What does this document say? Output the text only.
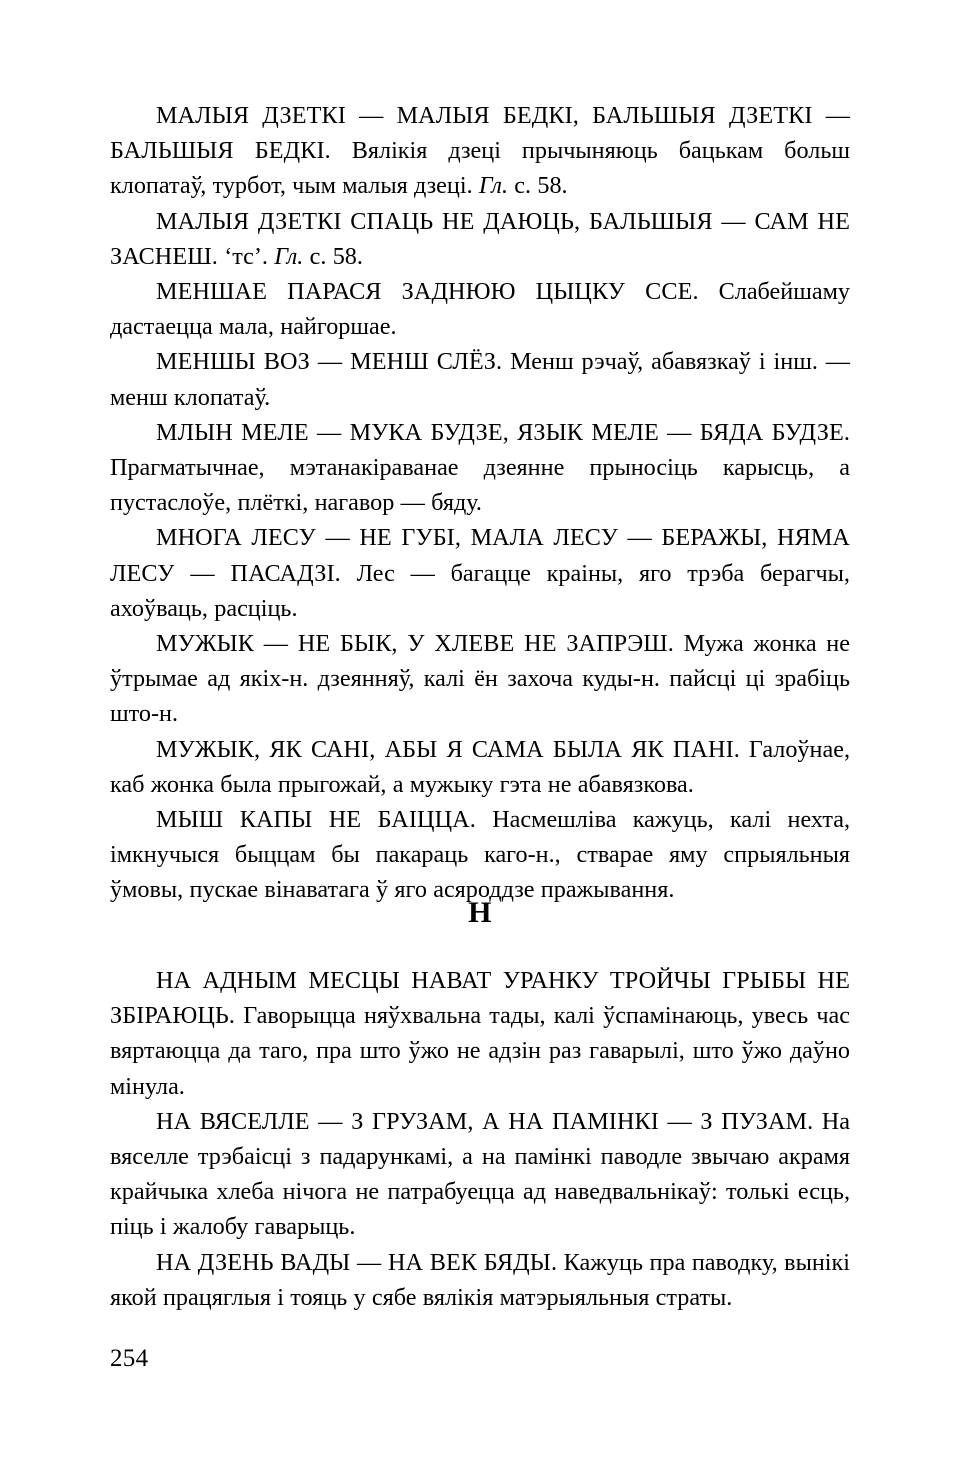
МАЛЫЯ ДЗЕТКІ — МАЛЫЯ БЕДКІ, БАЛЬШЫЯ ДЗЕТКІ — БАЛЬШЫЯ БЕДКІ. Вялікія дзеці прычыняюць бацькам больш клопатаў, турбот, чым малыя дзеці. Гл. с. 58.

МАЛЫЯ ДЗЕТКІ СПАЦЬ НЕ ДАЮЦЬ, БАЛЬШЫЯ — САМ НЕ ЗАСНЕШ. ‘тс’. Гл. с. 58.

МЕНШАЕ ПАРАСЯ ЗАДНЮЮ ЦЫЦКУ ССЕ. Слабейшаму дастаецца мала, найгоршае.

МЕНШЫ ВОЗ — МЕНШ СЛЁЗ. Менш рэчаў, абавязкаў і інш. — менш клопатаў.

МЛЫН МЕЛЕ — МУКА БУДЗЕ, ЯЗЫК МЕЛЕ — БЯДА БУДЗЕ. Прагматычнае, мэтанакіраванае дзеянне прыносіць карысць, а пустаслоўе, плёткі, нагавор — бяду.

МНОГА ЛЕСУ — НЕ ГУБІ, МАЛА ЛЕСУ — БЕРАЖЫ, НЯМА ЛЕСУ — ПАСАДЗІ. Лес — багацце краіны, яго трэба берагчы, ахоўваць, расціць.

МУЖЫК — НЕ БЫК, У ХЛЕВЕ НЕ ЗАПРЭШ. Мужа жонка не ўтрымае ад якіх-н. дзеянняў, калі ён захоча куды-н. пайсці ці зрабіць што-н.

МУЖЫК, ЯК САНІ, АБЫ Я САМА БЫЛА ЯК ПАНІ. Галоўнае, каб жонка была прыгожай, а мужыку гэта не абавязкова.

МЫШ КАПЫ НЕ БАІЦЦА. Насмешліва кажуць, калі нехта, імкнучыся быццам бы пакараць каго-н., стварае яму спрыяльныя ўмовы, пускае вінаватага ў яго асяроддзе пражывання.

Н

НА АДНЫМ МЕСЦЫ НАВАТ УРАНКУ ТРОЙЧЫ ГРЫБЫ НЕ ЗБІРАЮЦЬ. Гаворыцца няўхвальна тады, калі ўспамінаюць, увесь час вяртаюцца да таго, пра што ўжо не адзін раз гаварылі, што ўжо даўно мінула.

НА ВЯСЕЛЛЕ — З ГРУЗАМ, А НА ПАМІНКІ — З ПУЗАМ. На вяселле трэбаісці з падарункамі, а на памінкі паводле звычаю акрамя крайчыка хлеба нічога не патрабуецца ад наведвальнікаў: толькі есць, піць і жалобу гаварыць.

НА ДЗЕНЬ ВАДЫ — НА ВЕК БЯДЫ. Кажуць пра паводку, вынікі якой працяглыя і тояць у сябе вялікія матэрыяльныя страты.

254
